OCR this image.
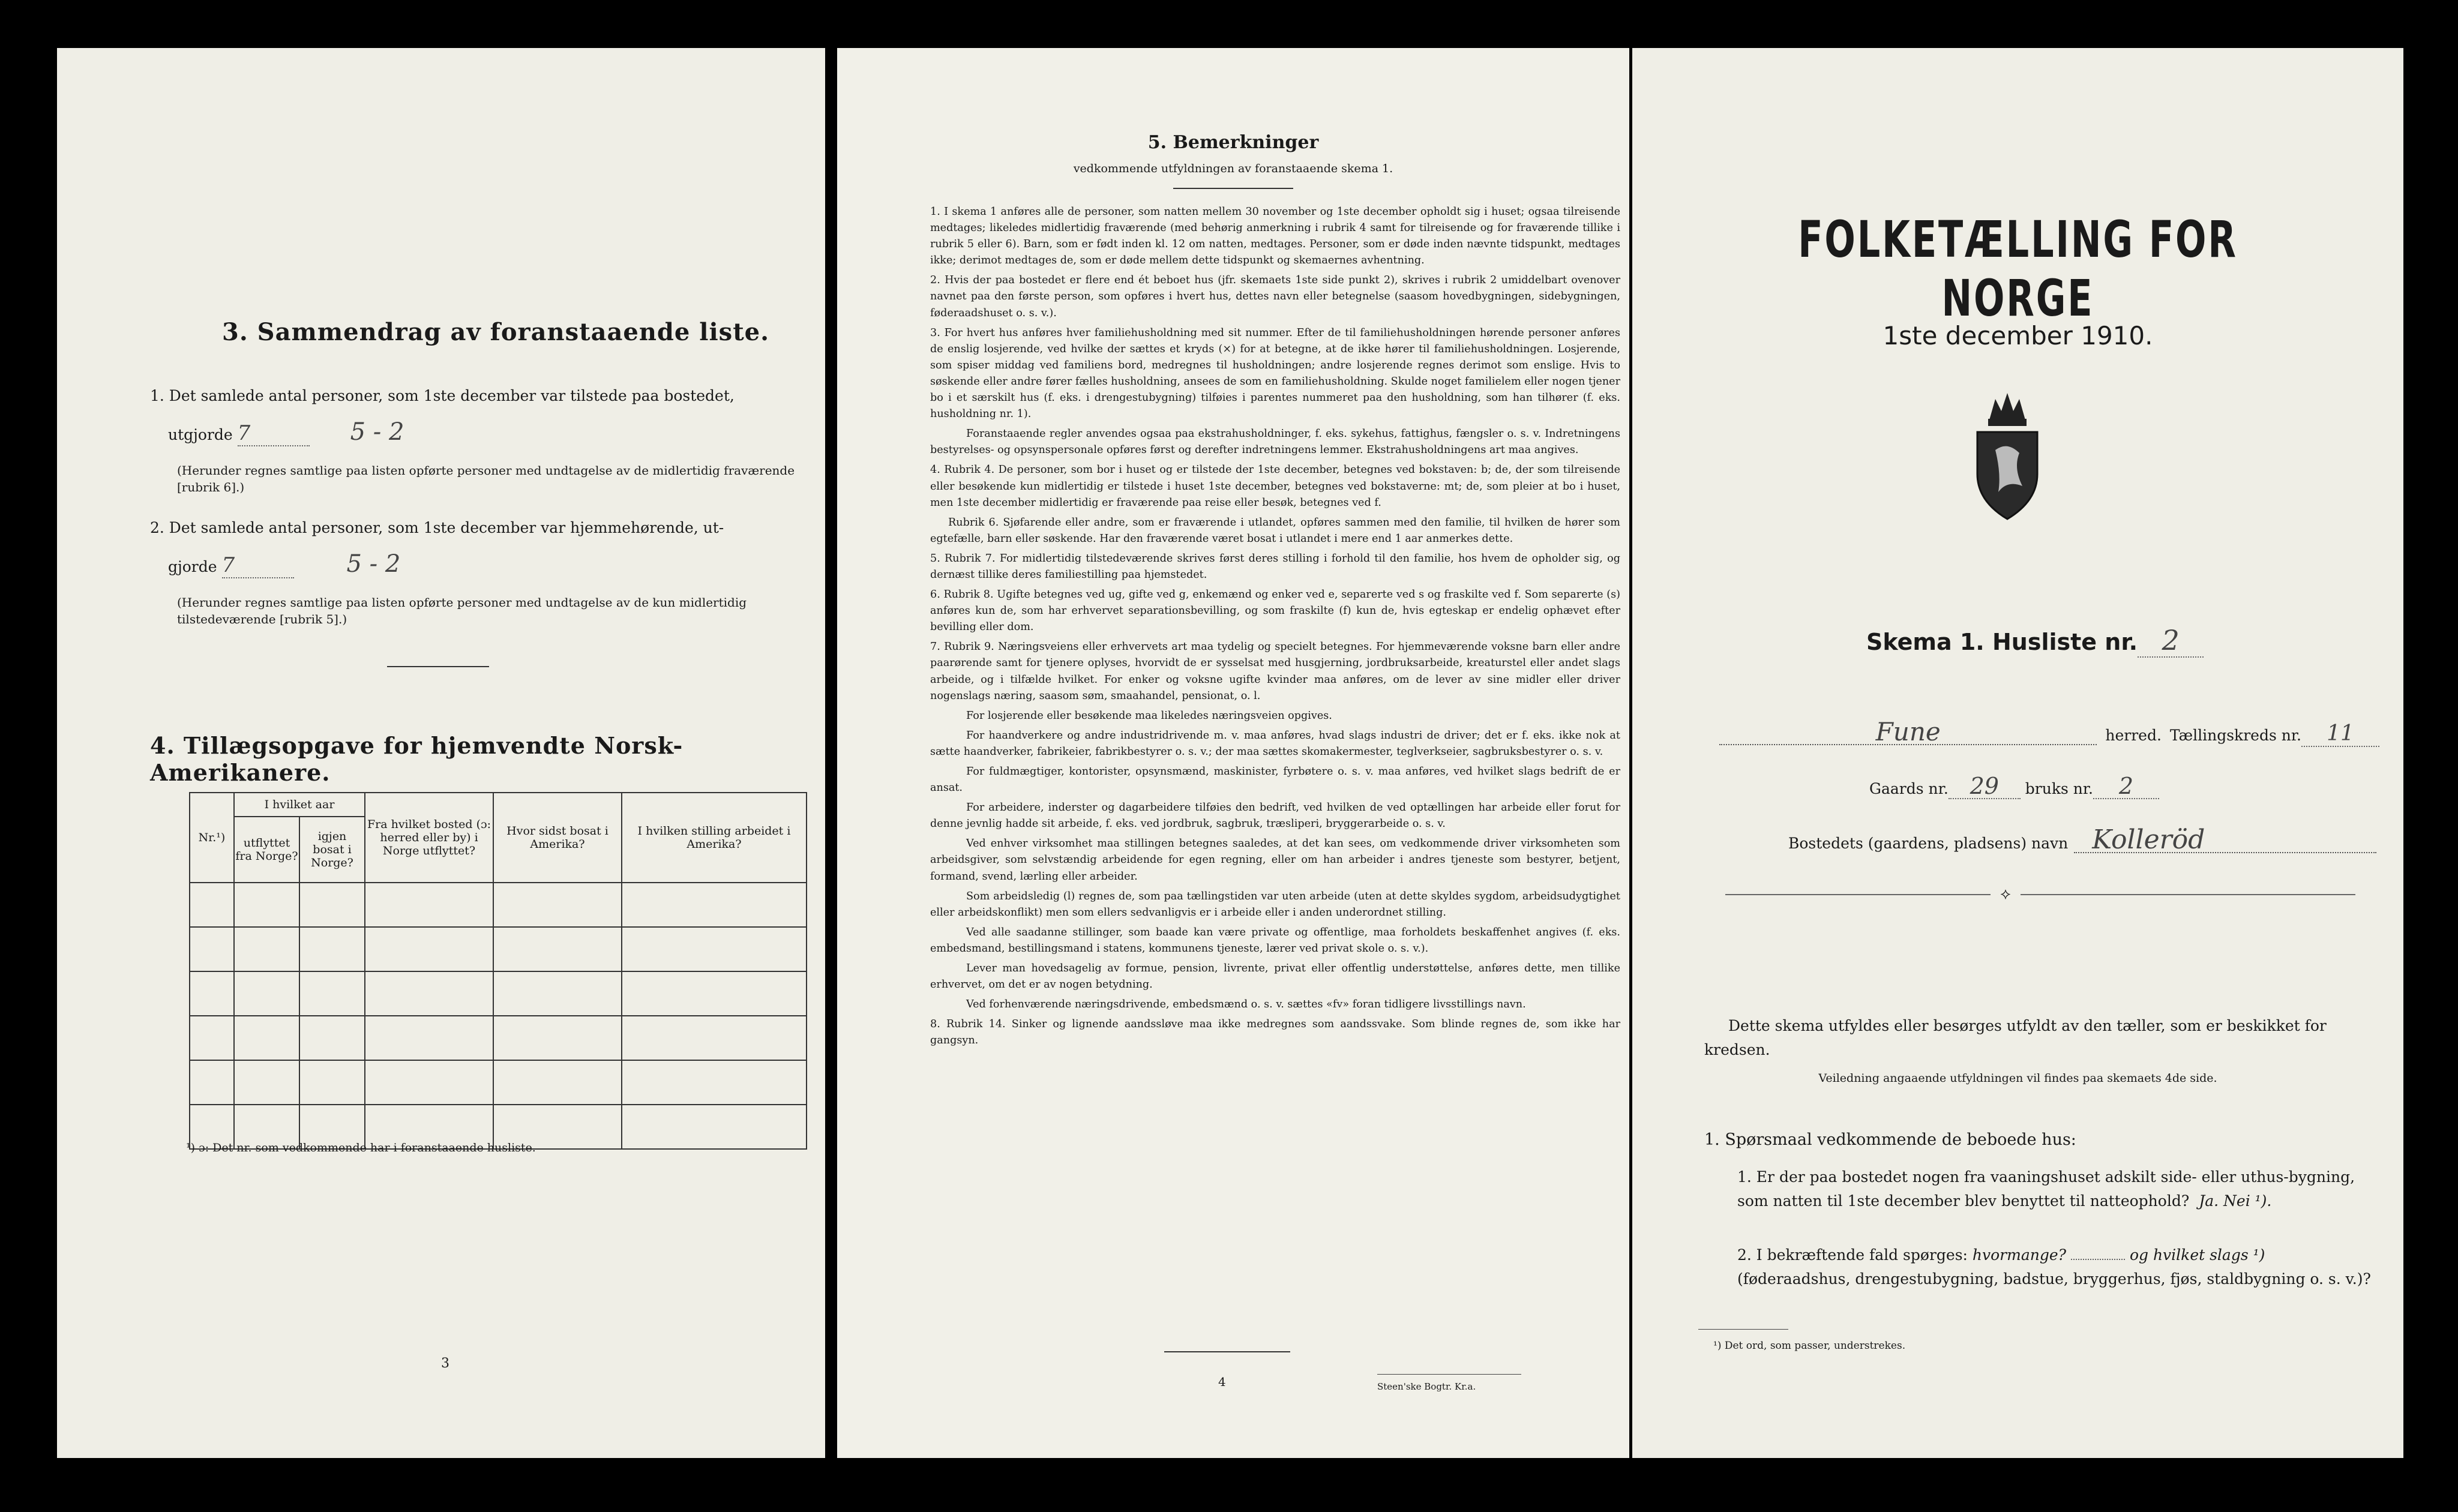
3. Sammendrag av foranstaaende liste.
1. Det samlede antal personer, som 1ste december var tilstede paa bostedet,
utgjorde 7	5 - 2
(Herunder regnes samtlige paa listen opførte personer med undtagelse av de midlertidig fraværende [rubrik 6].)
2. Det samlede antal personer, som 1ste december var hjemmehørende, ut-
gjorde 7	5 - 2
(Herunder regnes samtlige paa listen opførte personer med undtagelse av de kun midlertidig tilstedeværende [rubrik 5].)
4. Tillægsopgave for hjemvendte Norsk-Amerikanere.
Nr.¹)	I hvilket aar		Fra hvilket bosted (ɔ: herred eller by) i Norge utflyttet?	Hvor sidst bosat i Amerika?	I hvilken stilling arbeidet i Amerika?
	utflyttet fra Norge?	igjen bosat i Norge?			

¹) ɔ: Det nr. som vedkommende har i foranstaaende husliste.
3
5. Bemerkninger
vedkommende utfyldningen av foranstaaende skema 1.

1. I skema 1 anføres alle de personer, som natten mellem 30 november og 1ste december opholdt sig i huset; ogsaa tilreisende medtages; likeledes midlertidig fraværende (med behørig anmerkning i rubrik 4 samt for tilreisende og for fraværende tillike i rubrik 5 eller 6). Barn, som er født inden kl. 12 om natten, medtages. Personer, som er døde inden nævnte tidspunkt, medtages ikke; derimot medtages de, som er døde mellem dette tidspunkt og skemaernes avhentning.

2. Hvis der paa bostedet er flere end ét beboet hus (jfr. skemaets 1ste side punkt 2), skrives i rubrik 2 umiddelbart ovenover navnet paa den første person, som opføres i hvert hus, dettes navn eller betegnelse (saasom hovedbygningen, sidebygningen, føderaadshuset o. s. v.).

3. For hvert hus anføres hver familiehusholdning med sit nummer. Efter de til familiehusholdningen hørende personer anføres de enslig losjerende, ved hvilke der sættes et kryds (×) for at betegne, at de ikke hører til familiehusholdningen. Losjerende, som spiser middag ved familiens bord, medregnes til husholdningen; andre losjerende regnes derimot som enslige. Hvis to søskende eller andre fører fælles husholdning, ansees de som en familiehusholdning. Skulde noget familielem eller nogen tjener bo i et særskilt hus (f. eks. i drengestubygning) tilføies i parentes nummeret paa den husholdning, som han tilhører (f. eks. husholdning nr. 1).

Foranstaaende regler anvendes ogsaa paa ekstrahusholdninger, f. eks. sykehus, fattighus, fængsler o. s. v. Indretningens bestyrelses- og opsynspersonale opføres først og derefter indretningens lemmer. Ekstrahusholdningens art maa angives.

4. Rubrik 4. De personer, som bor i huset og er tilstede der 1ste december, betegnes ved bokstaven: b; de, der som tilreisende eller besøkende kun midlertidig er tilstede i huset 1ste december, betegnes ved bokstaverne: mt; de, som pleier at bo i huset, men 1ste december midlertidig er fraværende paa reise eller besøk, betegnes ved f.

Rubrik 6. Sjøfarende eller andre, som er fraværende i utlandet, opføres sammen med den familie, til hvilken de hører som egtefælle, barn eller søskende. Har den fraværende været bosat i utlandet i mere end 1 aar anmerkes dette.

5. Rubrik 7. For midlertidig tilstedeværende skrives først deres stilling i forhold til den familie, hos hvem de opholder sig, og dernæst tillike deres familiestilling paa hjemstedet.

6. Rubrik 8. Ugifte betegnes ved ug, gifte ved g, enkemænd og enker ved e, separerte ved s og fraskilte ved f. Som separerte (s) anføres kun de, som har erhvervet separationsbevilling, og som fraskilte (f) kun de, hvis egteskap er endelig ophævet efter bevilling eller dom.

7. Rubrik 9. Næringsveiens eller erhvervets art maa tydelig og specielt betegnes. For hjemmeværende voksne barn eller andre paarørende samt for tjenere oplyses, hvorvidt de er sysselsat med husgjerning, jordbruksarbeide, kreaturstel eller andet slags arbeide, og i tilfælde hvilket. For enker og voksne ugifte kvinder maa anføres, om de lever av sine midler eller driver nogenslags næring, saasom søm, smaahandel, pensionat, o. l.

For losjerende eller besøkende maa likeledes næringsveien opgives.

For haandverkere og andre industridrivende m. v. maa anføres, hvad slags industri de driver; det er f. eks. ikke nok at sætte haandverker, fabrikeier, fabrikbestyrer o. s. v.; der maa sættes skomakermester, teglverkseier, sagbruksbestyrer o. s. v.

For fuldmægtiger, kontorister, opsynsmænd, maskinister, fyrbøtere o. s. v. maa anføres, ved hvilket slags bedrift de er ansat.

For arbeidere, inderster og dagarbeidere tilføies den bedrift, ved hvilken de ved optællingen har arbeide eller forut for denne jevnlig hadde sit arbeide, f. eks. ved jordbruk, sagbruk, træsliperi, bryggerarbeide o. s. v.

Ved enhver virksomhet maa stillingen betegnes saaledes, at det kan sees, om vedkommende driver virksomheten som arbeidsgiver, som selvstændig arbeidende for egen regning, eller om han arbeider i andres tjeneste som bestyrer, betjent, formand, svend, lærling eller arbeider.

Som arbeidsledig (l) regnes de, som paa tællingstiden var uten arbeide (uten at dette skyldes sygdom, arbeidsudygtighet eller arbeidskonflikt) men som ellers sedvanligvis er i arbeide eller i anden underordnet stilling.

Ved alle saadanne stillinger, som baade kan være private og offentlige, maa forholdets beskaffenhet angives (f. eks. embedsmand, bestillingsmand i statens, kommunens tjeneste, lærer ved privat skole o. s. v.).

Lever man hovedsagelig av formue, pension, livrente, privat eller offentlig understøttelse, anføres dette, men tillike erhvervet, om det er av nogen betydning.

Ved forhenværende næringsdrivende, embedsmænd o. s. v. sættes «fv» foran tidligere livsstillings navn.

8. Rubrik 14. Sinker og lignende aandssløve maa ikke medregnes som aandssvake. Som blinde regnes de, som ikke har gangsyn.

4	Steen'ske Bogtr. Kr.a.
FOLKETÆLLING FOR NORGE
1ste december 1910.
Skema 1. Husliste nr. 2
Fune	herred. Tællingskreds nr.	11
Gaards nr. 29	bruks nr.	2
Bostedets (gaardens, pladsens) navn Kolleröd
⟡
Dette skema utfyldes eller besørges utfyldt av den tæller, som er beskikket for kredsen.
Veiledning angaaende utfyldningen vil findes paa skemaets 4de side.
1. Spørsmaal vedkommende de beboede hus:
1. Er der paa bostedet nogen fra vaaningshuset adskilt side- eller uthus-bygning, som natten til 1ste december blev benyttet til natteophold? Ja. Nei ¹).
2. I bekræftende fald spørges: hvormange?	og hvilket slags ¹) (føderaadshus, drengestubygning, badstue, bryggerhus, fjøs, staldbygning o. s. v.)?
¹) Det ord, som passer, understrekes.
